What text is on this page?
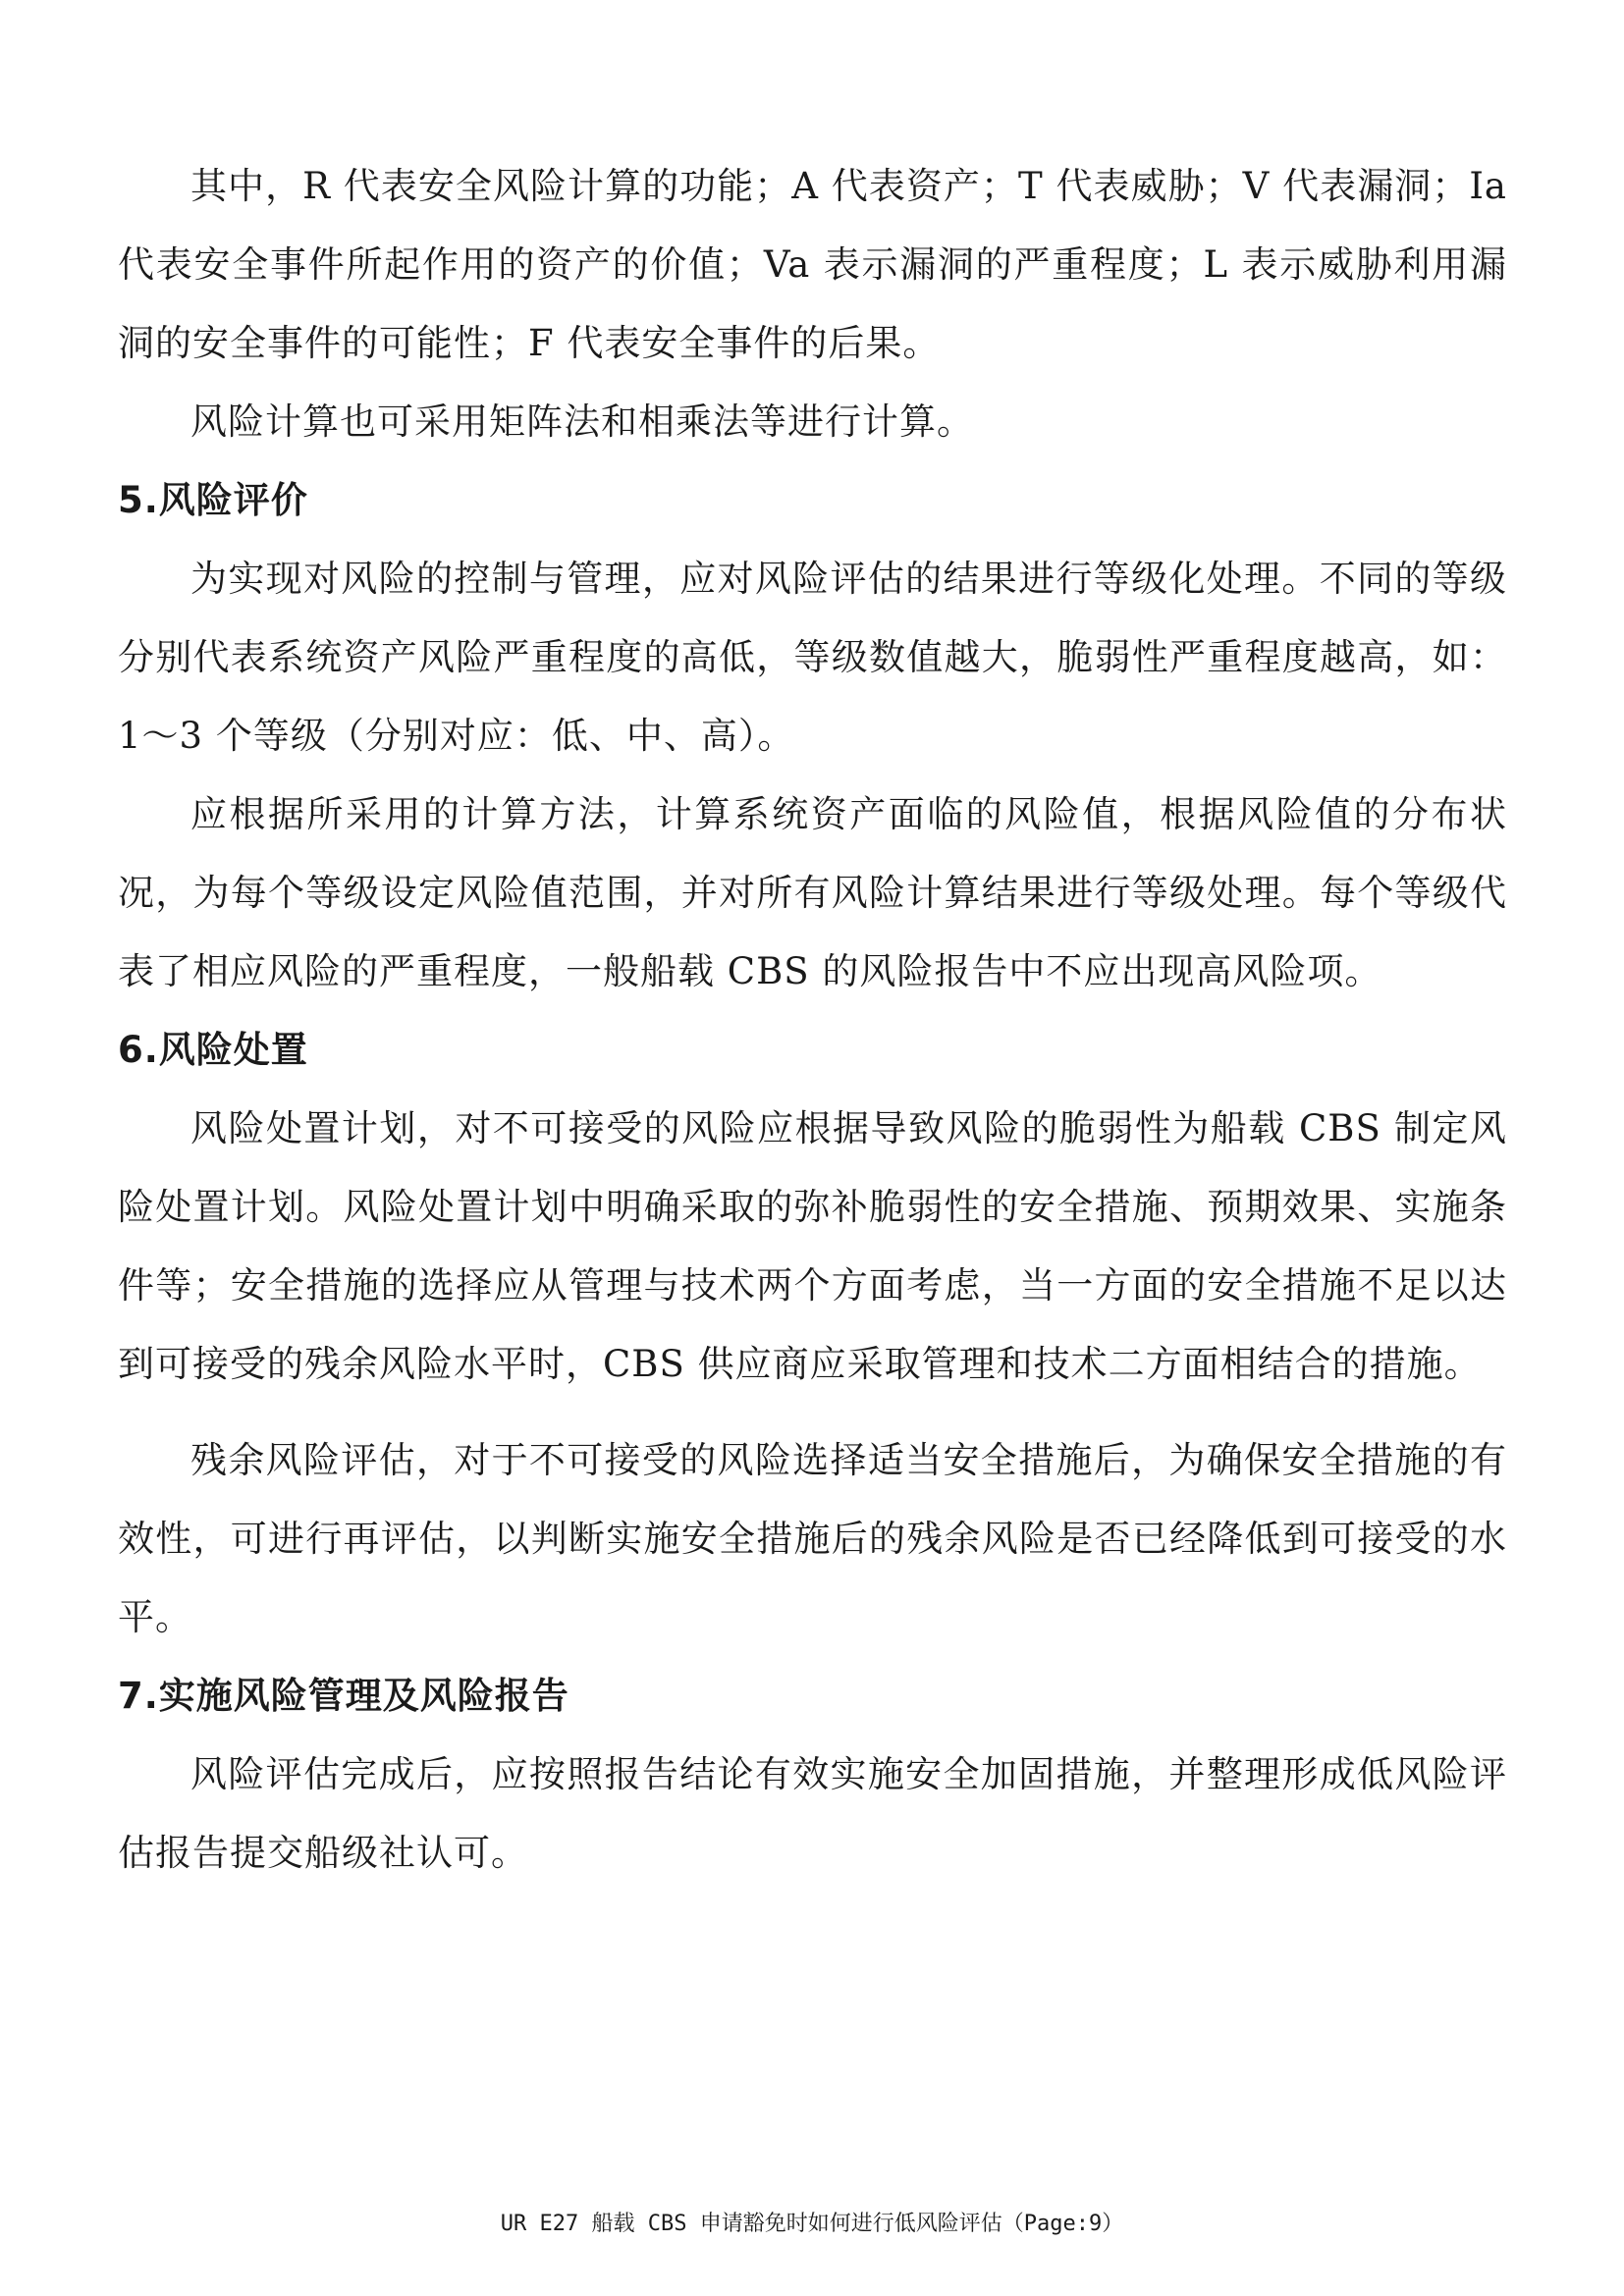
其中，R 代表安全风险计算的功能；A 代表资产；T 代表威胁；V 代表漏洞；Ia 代表安全事件所起作用的资产的价值；Va 表示漏洞的严重程度；L 表示威胁利用漏洞的安全事件的可能性；F 代表安全事件的后果。

风险计算也可采用矩阵法和相乘法等进行计算。

5.风险评价

为实现对风险的控制与管理，应对风险评估的结果进行等级化处理。不同的等级分别代表系统资产风险严重程度的高低，等级数值越大，脆弱性严重程度越高，如：1～3 个等级（分别对应：低、中、高）。

应根据所采用的计算方法，计算系统资产面临的风险值，根据风险值的分布状况，为每个等级设定风险值范围，并对所有风险计算结果进行等级处理。每个等级代表了相应风险的严重程度，一般船载 CBS 的风险报告中不应出现高风险项。

6.风险处置

风险处置计划，对不可接受的风险应根据导致风险的脆弱性为船载 CBS 制定风险处置计划。风险处置计划中明确采取的弥补脆弱性的安全措施、预期效果、实施条件等；安全措施的选择应从管理与技术两个方面考虑，当一方面的安全措施不足以达到可接受的残余风险水平时，CBS 供应商应采取管理和技术二方面相结合的措施。

残余风险评估，对于不可接受的风险选择适当安全措施后，为确保安全措施的有效性，可进行再评估，以判断实施安全措施后的残余风险是否已经降低到可接受的水平。

7.实施风险管理及风险报告

风险评估完成后，应按照报告结论有效实施安全加固措施，并整理形成低风险评估报告提交船级社认可。

UR E27 船载 CBS 申请豁免时如何进行低风险评估（Page:9）
